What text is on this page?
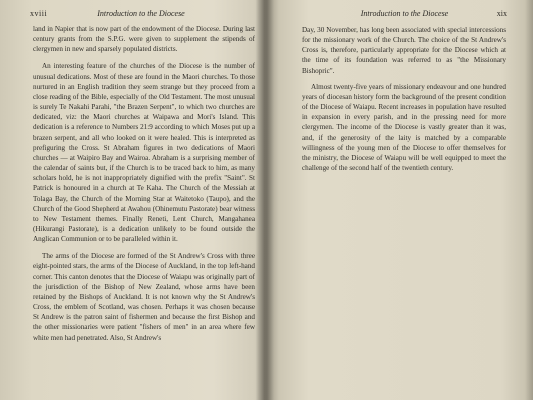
xviii	Introduction to the Diocese

land in Napier that is now part of the endowment of the Diocese. During last century grants from the S.P.G. were given to supplement the stipends of clergymen in new and sparsely populated districts.

An interesting feature of the churches of the Diocese is the number of unusual dedications. Most of these are found in the Maori churches. To those nurtured in an English tradition they seem strange but they proceed from a close reading of the Bible, especially of the Old Testament. The most unusual is surely Te Nakahi Parahi, "the Brazen Serpent", to which two churches are dedicated, viz: the Maori churches at Waipawa and Mori's Island. This dedication is a reference to Numbers 21:9 according to which Moses put up a brazen serpent, and all who looked on it were healed. This is interpreted as prefiguring the Cross. St Abraham figures in two dedications of Maori churches — at Waipiro Bay and Wairoa. Abraham is a surprising member of the calendar of saints but, if the Church is to be traced back to him, as many scholars hold, he is not inappropriately dignified with the prefix "Saint". St Patrick is honoured in a church at Te Kaha. The Church of the Messiah at Tolaga Bay, the Church of the Morning Star at Waitetoko (Taupo), and the Church of the Good Shepherd at Awahou (Ohinemutu Pastorate) bear witness to New Testament themes. Finally Reneti, Lent Church, Mangahanea (Hikurangi Pastorate), is a dedication unlikely to be found outside the Anglican Communion or to be paralleled within it.

The arms of the Diocese are formed of the St Andrew's Cross with three eight-pointed stars, the arms of the Diocese of Auckland, in the top left-hand corner. This canton denotes that the Diocese of Waiapu was originally part of the jurisdiction of the Bishop of New Zealand, whose arms have been retained by the Bishops of Auckland. It is not known why the St Andrew's Cross, the emblem of Scotland, was chosen. Perhaps it was chosen because St Andrew is the patron saint of fishermen and because the first Bishop and the other missionaries were patient "fishers of men" in an area where few white men had penetrated. Also, St Andrew's

Introduction to the Diocese	xix

Day, 30 November, has long been associated with special intercessions for the missionary work of the Church. The choice of the St Andrew's Cross is, therefore, particularly appropriate for the Diocese which at the time of its foundation was referred to as "the Missionary Bishopric".

Almost twenty-five years of missionary endeavour and one hundred years of diocesan history form the background of the present condition of the Diocese of Waiapu. Recent increases in population have resulted in expansion in every parish, and in the pressing need for more clergymen. The income of the Diocese is vastly greater than it was, and, if the generosity of the laity is matched by a comparable willingness of the young men of the Diocese to offer themselves for the ministry, the Diocese of Waiapu will be well equipped to meet the challenge of the second half of the twentieth century.
